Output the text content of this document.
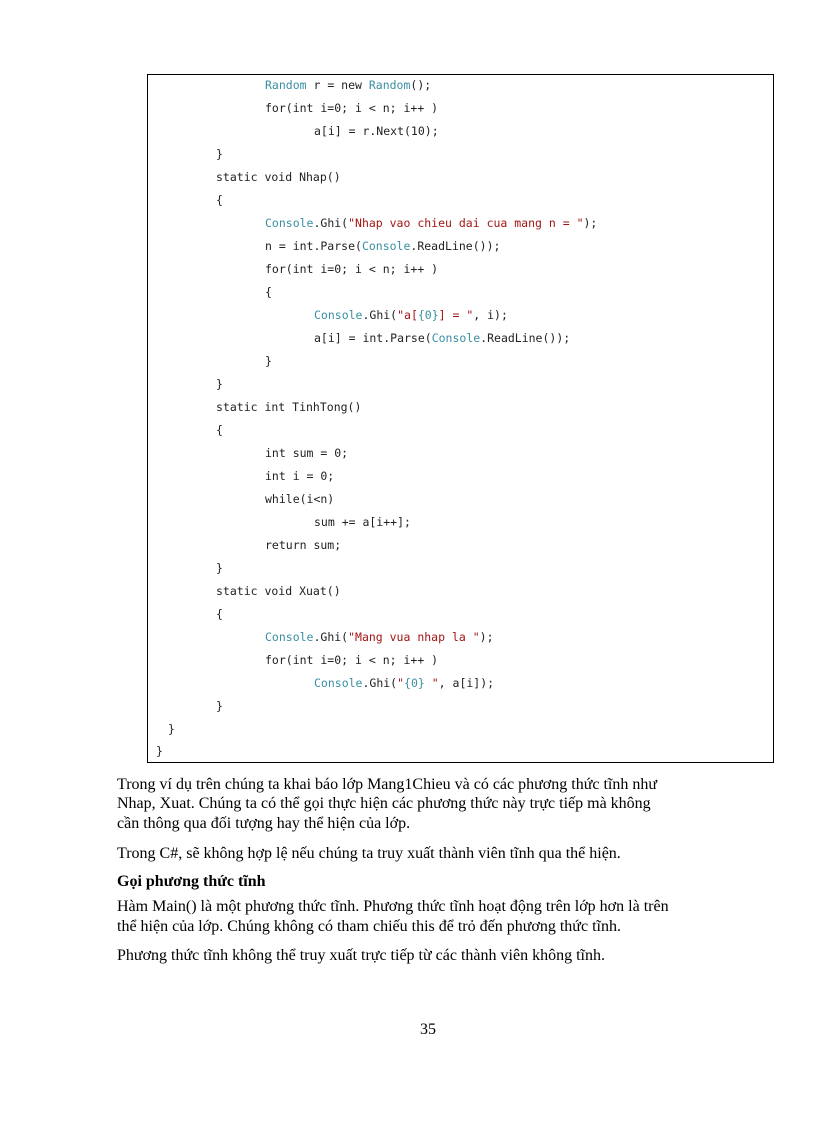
Random r = new Random();
for(int i=0; i < n; i++ )
a[i] = r.Next(10);
}
static void Nhap()
{
Console.Ghi("Nhap vao chieu dai cua mang n = ");
n = int.Parse(Console.ReadLine());
for(int i=0; i < n; i++ )
{
Console.Ghi("a[{0}] = ", i);
a[i] = int.Parse(Console.ReadLine());
}
}
static int TinhTong()
{
int sum = 0;
int i = 0;
while(i<n)
sum += a[i++];
return sum;
}
static void Xuat()
{
Console.Ghi("Mang vua nhap la ");
for(int i=0; i < n; i++ )
Console.Ghi("{0} ", a[i]);
}
}
}

Trong ví dụ trên chúng ta khai báo lớp Mang1Chieu và có các phương thức tĩnh như

Nhap, Xuat. Chúng ta có thể gọi thực hiện các phương thức này trực tiếp mà không

cần thông qua đối tượng hay thể hiện của lớp.

Trong C#, sẽ không hợp lệ nếu chúng ta truy xuất thành viên tĩnh qua thể hiện.

Gọi phương thức tĩnh

Hàm Main() là một phương thức tĩnh. Phương thức tĩnh hoạt động trên lớp hơn là trên

thể hiện của lớp. Chúng không có tham chiếu this để trỏ đến phương thức tĩnh.

Phương thức tĩnh không thể truy xuất trực tiếp từ các thành viên không tĩnh.

35
